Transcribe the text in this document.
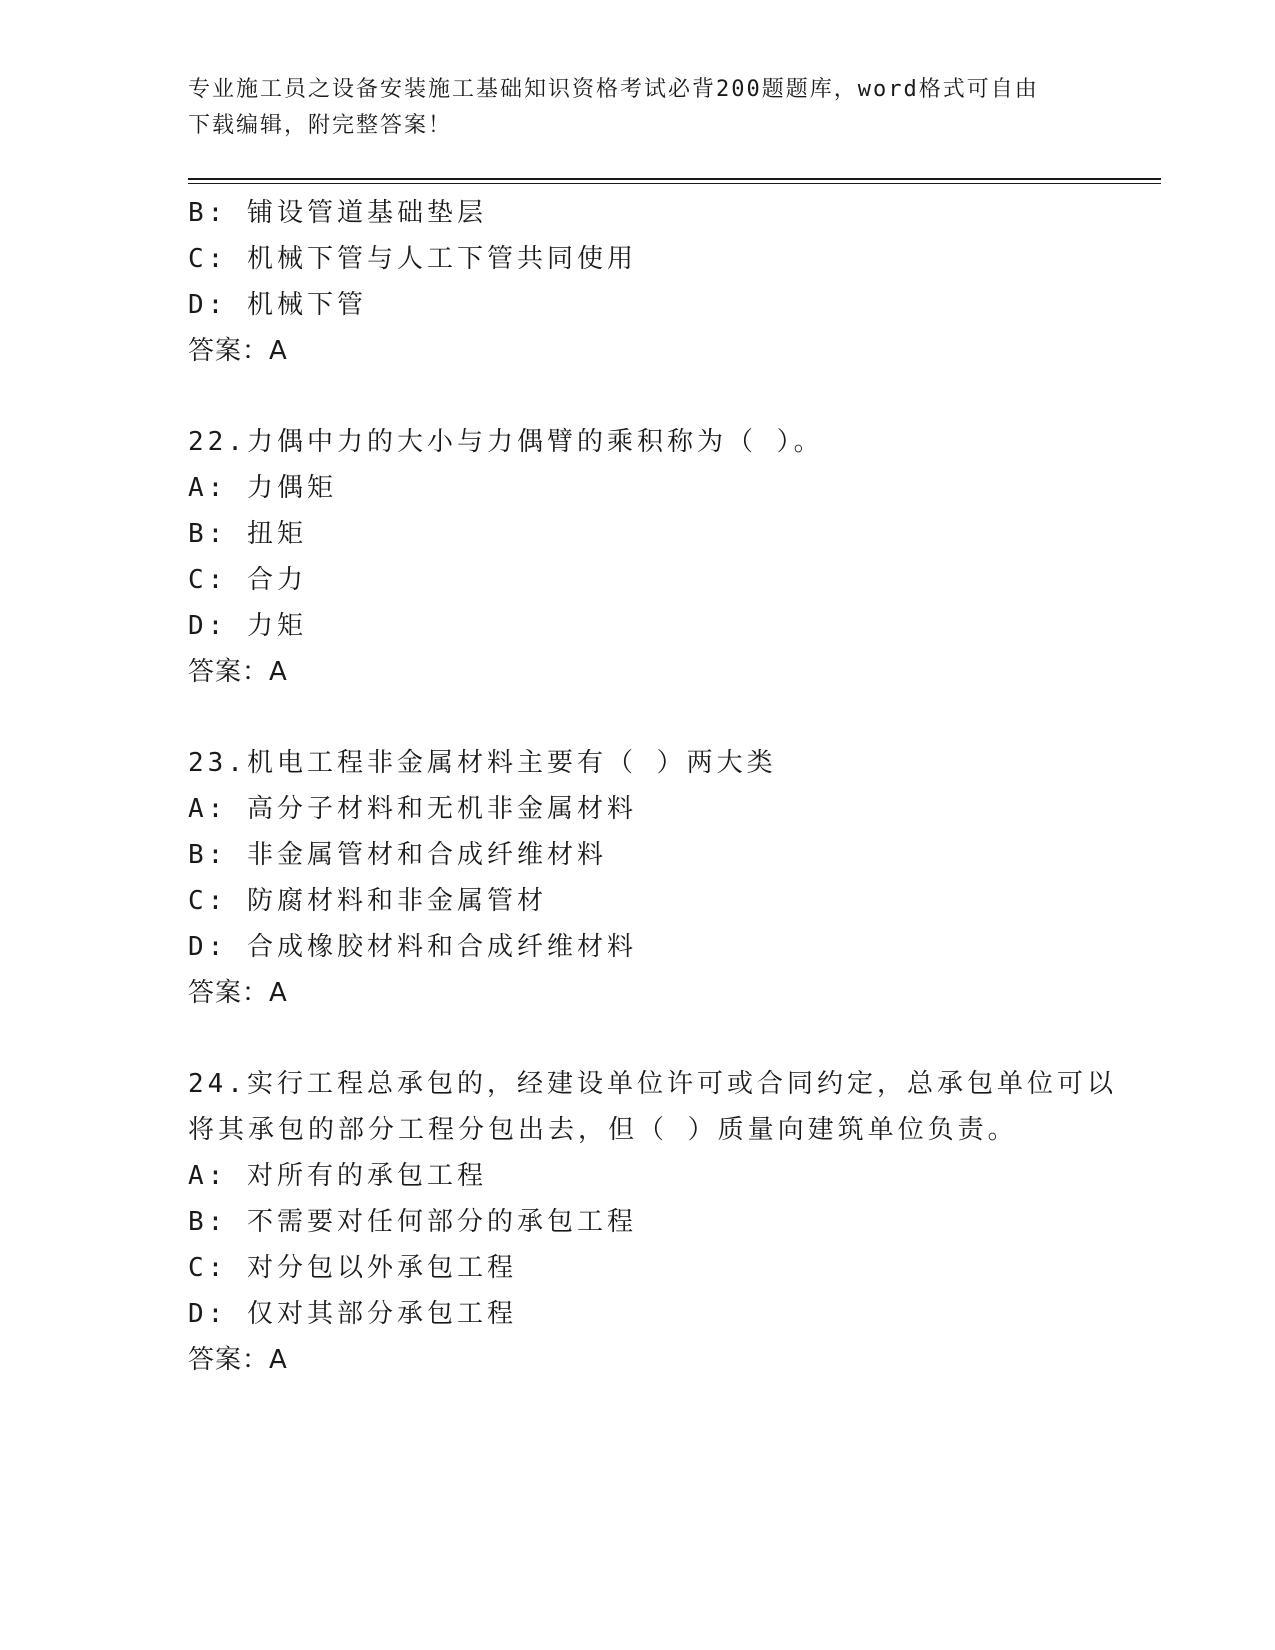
专业施工员之设备安装施工基础知识资格考试必背200题题库，word格式可自由
下载编辑，附完整答案！
B: 铺设管道基础垫层
C: 机械下管与人工下管共同使用
D: 机械下管
答案：A
22.力偶中力的大小与力偶臂的乘积称为（ ）。
A: 力偶矩
B: 扭矩
C: 合力
D: 力矩
答案：A
23.机电工程非金属材料主要有（ ）两大类
A: 高分子材料和无机非金属材料
B: 非金属管材和合成纤维材料
C: 防腐材料和非金属管材
D: 合成橡胶材料和合成纤维材料
答案：A
24.实行工程总承包的，经建设单位许可或合同约定，总承包单位可以
将其承包的部分工程分包出去，但（ ）质量向建筑单位负责。
A: 对所有的承包工程
B: 不需要对任何部分的承包工程
C: 对分包以外承包工程
D: 仅对其部分承包工程
答案：A
